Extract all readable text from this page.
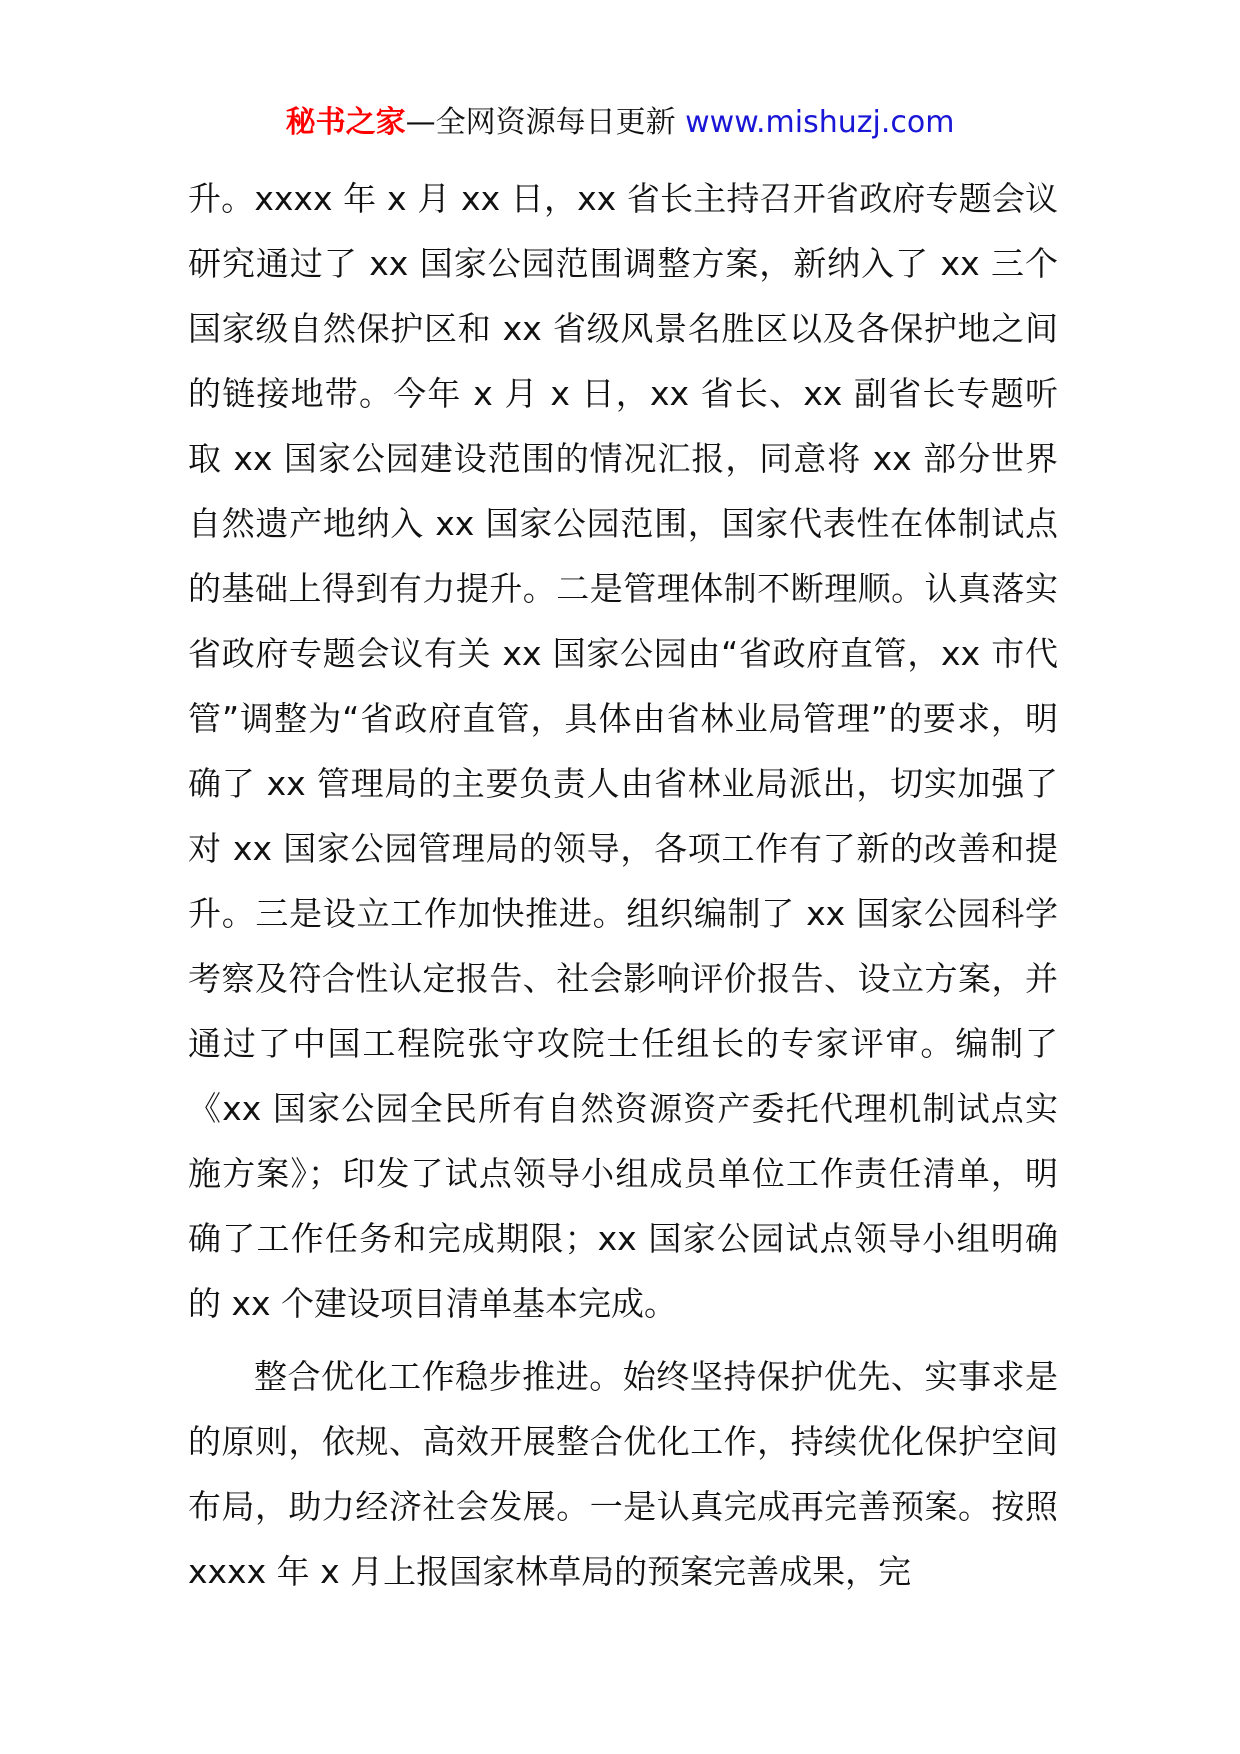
秘书之家—全网资源每日更新 www.mishuzj.com

升。xxxx 年 x 月 xx 日，xx 省长主持召开省政府专题会议研究通过了 xx 国家公园范围调整方案，新纳入了 xx 三个国家级自然保护区和 xx 省级风景名胜区以及各保护地之间的链接地带。今年 x 月 x 日，xx 省长、xx 副省长专题听取 xx 国家公园建设范围的情况汇报，同意将 xx 部分世界自然遗产地纳入 xx 国家公园范围，国家代表性在体制试点的基础上得到有力提升。二是管理体制不断理顺。认真落实省政府专题会议有关 xx 国家公园由“省政府直管，xx 市代管”调整为“省政府直管，具体由省林业局管理”的要求，明确了 xx 管理局的主要负责人由省林业局派出，切实加强了对 xx 国家公园管理局的领导，各项工作有了新的改善和提升。三是设立工作加快推进。组织编制了 xx 国家公园科学考察及符合性认定报告、社会影响评价报告、设立方案，并通过了中国工程院张守攻院士任组长的专家评审。编制了《xx 国家公园全民所有自然资源资产委托代理机制试点实施方案》；印发了试点领导小组成员单位工作责任清单，明确了工作任务和完成期限；xx 国家公园试点领导小组明确的 xx 个建设项目清单基本完成。

整合优化工作稳步推进。始终坚持保护优先、实事求是的原则，依规、高效开展整合优化工作，持续优化保护空间布局，助力经济社会发展。一是认真完成再完善预案。按照 xxxx 年 x 月上报国家林草局的预案完善成果，完
